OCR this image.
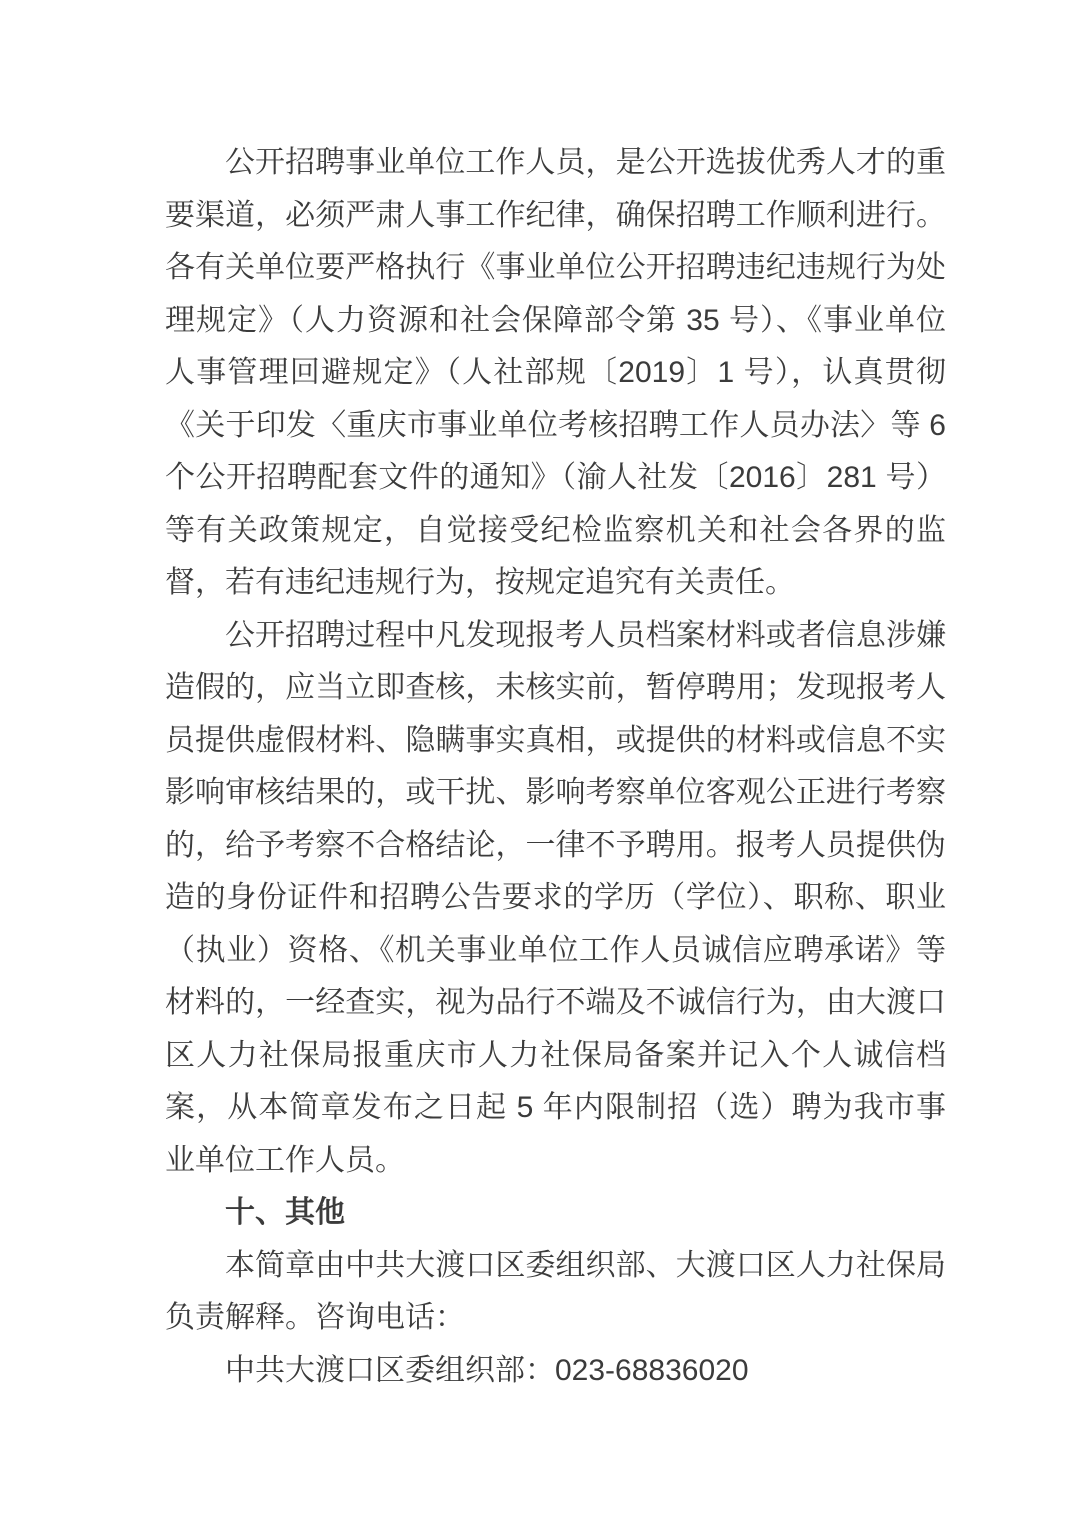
公开招聘事业单位工作人员，是公开选拔优秀人才的重要渠道，必须严肃人事工作纪律，确保招聘工作顺利进行。各有关单位要严格执行《事业单位公开招聘违纪违规行为处理规定》（人力资源和社会保障部令第 35 号）、《事业单位人事管理回避规定》（人社部规〔2019〕1 号），认真贯彻《关于印发〈重庆市事业单位考核招聘工作人员办法〉等 6 个公开招聘配套文件的通知》（渝人社发〔2016〕281 号）等有关政策规定，自觉接受纪检监察机关和社会各界的监督，若有违纪违规行为，按规定追究有关责任。

公开招聘过程中凡发现报考人员档案材料或者信息涉嫌造假的，应当立即查核，未核实前，暂停聘用；发现报考人员提供虚假材料、隐瞒事实真相，或提供的材料或信息不实影响审核结果的，或干扰、影响考察单位客观公正进行考察的，给予考察不合格结论，一律不予聘用。报考人员提供伪造的身份证件和招聘公告要求的学历（学位）、职称、职业（执业）资格、《机关事业单位工作人员诚信应聘承诺》等材料的，一经查实，视为品行不端及不诚信行为，由大渡口区人力社保局报重庆市人力社保局备案并记入个人诚信档案，从本简章发布之日起 5 年内限制招（选）聘为我市事业单位工作人员。

十、其他

本简章由中共大渡口区委组织部、大渡口区人力社保局负责解释。咨询电话：

中共大渡口区委组织部：023-68836020
